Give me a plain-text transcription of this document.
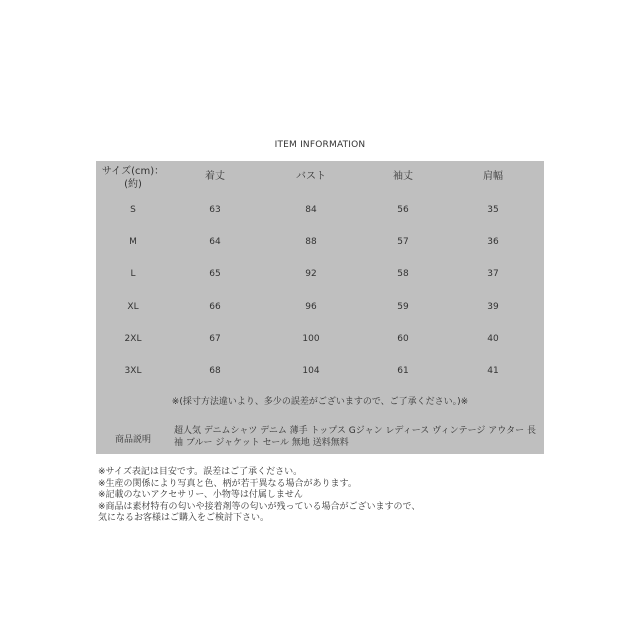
ITEM INFORMATION
サイズ(cm)：
(約)
着丈	バスト	袖丈	肩幅
S	63	84	56	35
M	64	88	57	36
L	65	92	58	37
XL	66	96	59	39
2XL	67	100	60	40
3XL	68	104	61	41
※(採寸方法違いより、多少の誤差がございますので、ご了承ください。)※
商品説明
超人気 デニムシャツ デニム 薄手 トップス Gジャン レディース ヴィンテージ アウター 長袖 ブルー ジャケット セール 無地 送料無料
※サイズ表記は目安です。誤差はご了承ください。
※生産の関係により写真と色、柄が若干異なる場合があります。
※記載のないアクセサリー、小物等は付属しません
※商品は素材特有の匂いや接着剤等の匂いが残っている場合がございますので、
気になるお客様はご購入をご検討下さい。
